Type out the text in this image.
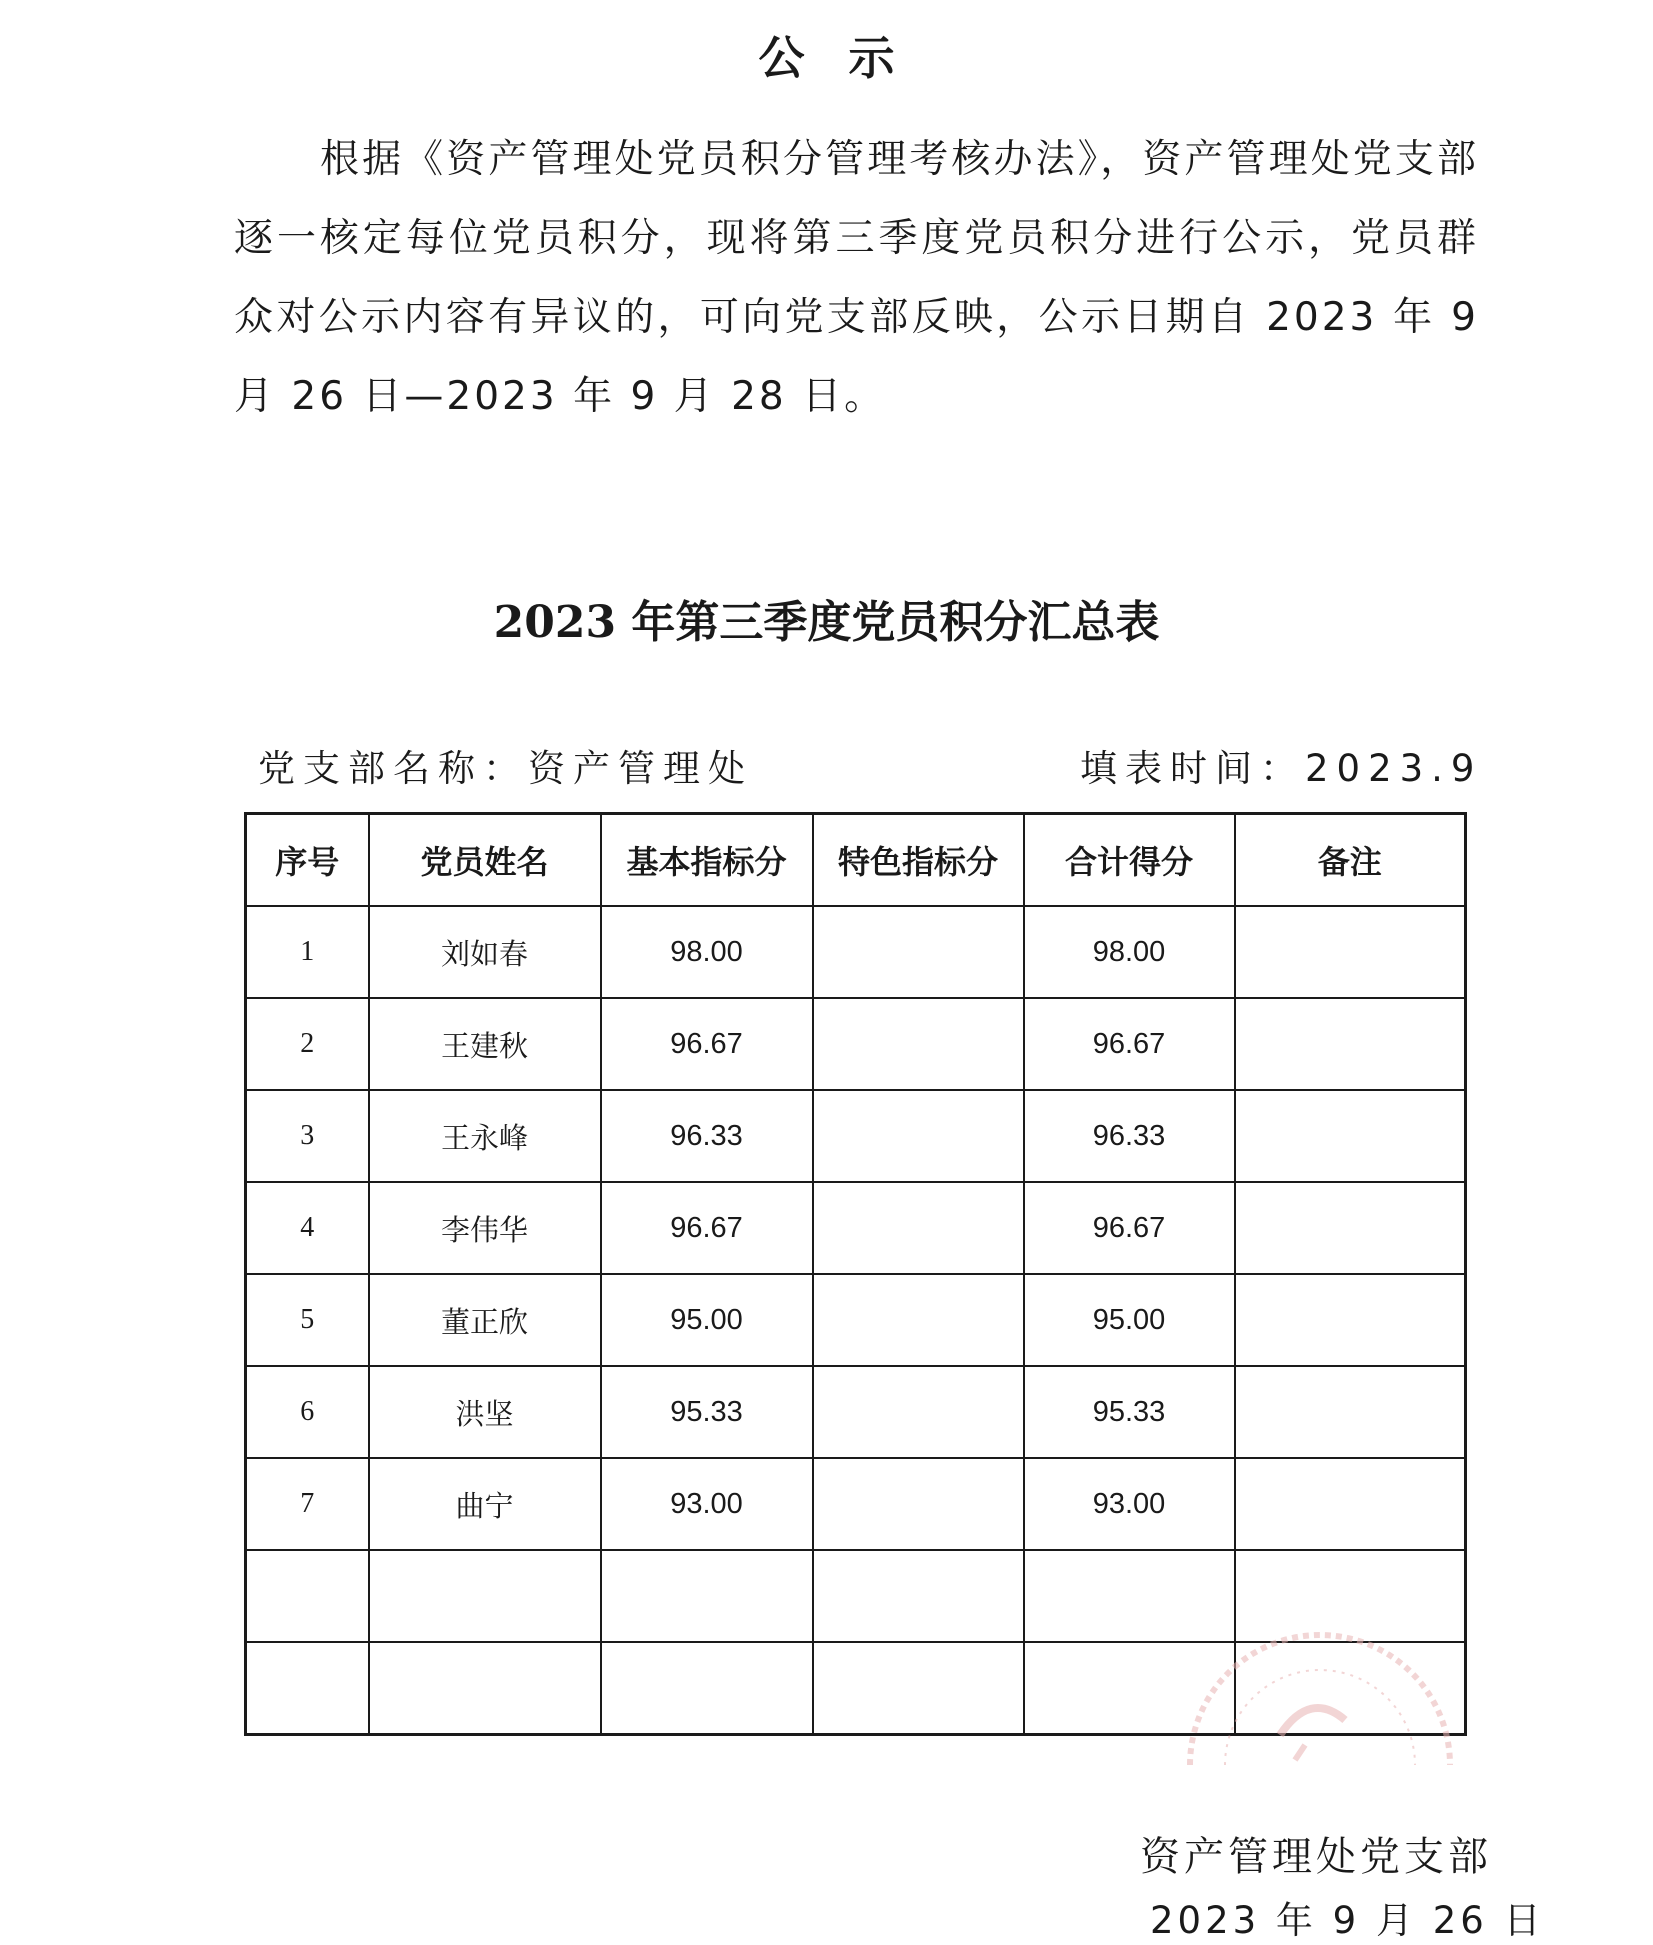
公示

根据《资产管理处党员积分管理考核办法》，资产管理处党支部逐一核定每位党员积分，现将第三季度党员积分进行公示，党员群众对公示内容有异议的，可向党支部反映，公示日期自 2023 年 9 月 26 日—2023 年 9 月 28 日。

2023 年第三季度党员积分汇总表
党支部名称：资产管理处	填表时间：2023.9
序号	党员姓名	基本指标分	特色指标分	合计得分	备注
1	刘如春	98.00		98.00	
2	王建秋	96.67		96.67	
3	王永峰	96.33		96.33	
4	李伟华	96.67		96.67	
5	董正欣	95.00		95.00	
6	洪坚	95.33		95.33	
7	曲宁	93.00		93.00	

资产管理处党支部
2023 年 9 月 26 日
